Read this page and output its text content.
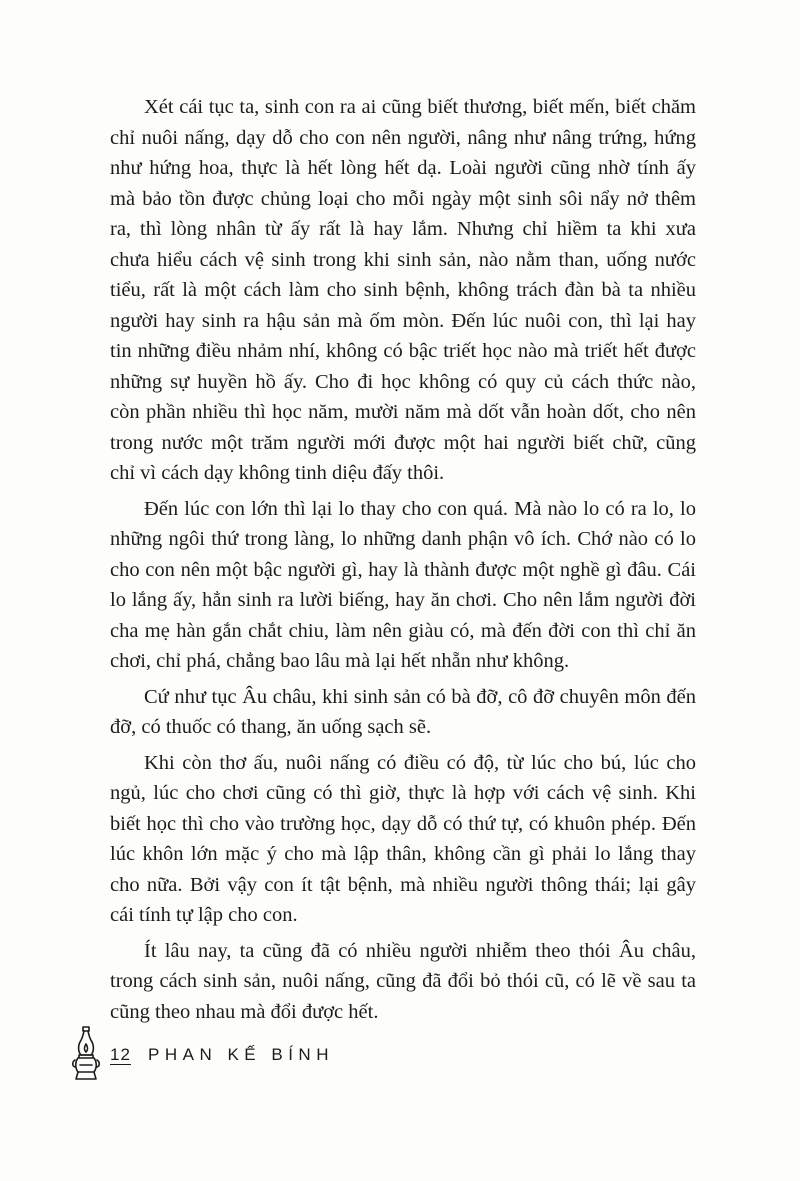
Xét cái tục ta, sinh con ra ai cũng biết thương, biết mến, biết chăm
chỉ nuôi nấng, dạy dỗ cho con nên người, nâng như nâng trứng, hứng
như hứng hoa, thực là hết lòng hết dạ. Loài người cũng nhờ tính ấy
mà bảo tồn được chủng loại cho mỗi ngày một sinh sôi nẩy nở thêm
ra, thì lòng nhân từ ấy rất là hay lắm. Nhưng chỉ hiềm ta khi xưa
chưa hiểu cách vệ sinh trong khi sinh sản, nào nằm than, uống nước
tiểu, rất là một cách làm cho sinh bệnh, không trách đàn bà ta nhiều
người hay sinh ra hậu sản mà ốm mòn. Đến lúc nuôi con, thì lại hay
tin những điều nhảm nhí, không có bậc triết học nào mà triết hết được
những sự huyền hồ ấy. Cho đi học không có quy củ cách thức nào,
còn phần nhiều thì học năm, mười năm mà dốt vẫn hoàn dốt, cho nên
trong nước một trăm người mới được một hai người biết chữ, cũng
chỉ vì cách dạy không tinh diệu đấy thôi.
Đến lúc con lớn thì lại lo thay cho con quá. Mà nào lo có ra lo, lo
những ngôi thứ trong làng, lo những danh phận vô ích. Chớ nào có lo
cho con nên một bậc người gì, hay là thành được một nghề gì đâu. Cái
lo lắng ấy, hẳn sinh ra lười biếng, hay ăn chơi. Cho nên lắm người đời
cha mẹ hàn gắn chắt chiu, làm nên giàu có, mà đến đời con thì chỉ ăn
chơi, chỉ phá, chẳng bao lâu mà lại hết nhẵn như không.
Cứ như tục Âu châu, khi sinh sản có bà đỡ, cô đỡ chuyên môn đến
đỡ, có thuốc có thang, ăn uống sạch sẽ.
Khi còn thơ ấu, nuôi nấng có điều có độ, từ lúc cho bú, lúc cho
ngủ, lúc cho chơi cũng có thì giờ, thực là hợp với cách vệ sinh. Khi
biết học thì cho vào trường học, dạy dỗ có thứ tự, có khuôn phép. Đến
lúc khôn lớn mặc ý cho mà lập thân, không cần gì phải lo lắng thay
cho nữa. Bởi vậy con ít tật bệnh, mà nhiều người thông thái; lại gây
cái tính tự lập cho con.
Ít lâu nay, ta cũng đã có nhiều người nhiễm theo thói Âu châu,
trong cách sinh sản, nuôi nấng, cũng đã đổi bỏ thói cũ, có lẽ về sau ta
cũng theo nhau mà đổi được hết.
12 PHAN KẾ BÍNH
